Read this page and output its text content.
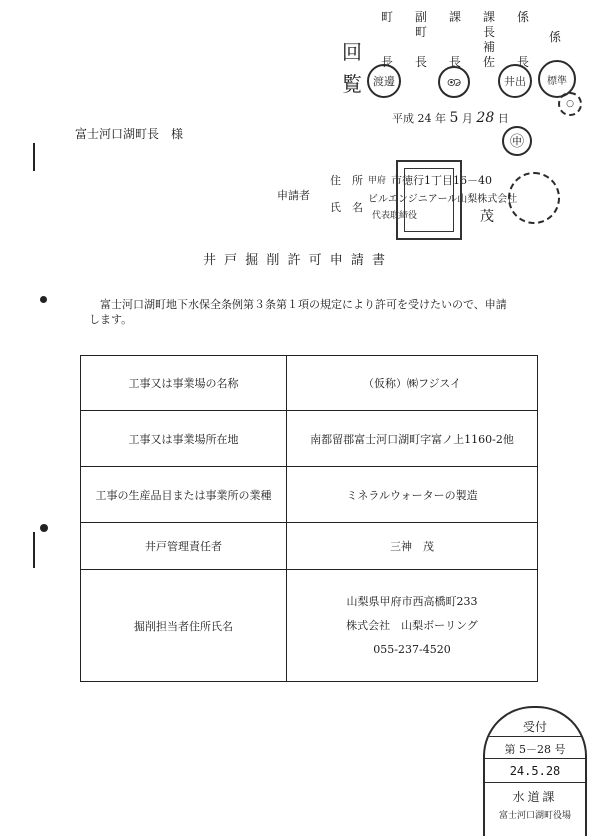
回
覧
町
長
副
町
長
課
長
課
長
補
佐
係
長
係
渡邊	ꩨ	井出 標準
○
㊥
平成 24 年 5 月 28 日
富士河口湖町長　様
申請者
住　所 甲府 市徳行1丁目16－40
氏　名
ビルエンジニアール山梨株式会社
代表取締役	茂
井 戸 掘 削 許 可 申 請 書
富士河口湖町地下水保全条例第３条第１項の規定により許可を受けたいので、申請
します。
工事又は事業場の名称	（仮称）㈱フジスイ
工事又は事業場所在地	南都留郡富士河口湖町字富ノ上1160-2他
工事の生産品目または事業所の業種	ミネラルウォーターの製造
井戸管理責任者	三神　茂
掘削担当者住所氏名	山梨県甲府市西高橋町233
株式会社　山梨ボーリング
055-237-4520
受付
第 5－28 号
24.5.28
水道課
富士河口湖町役場
